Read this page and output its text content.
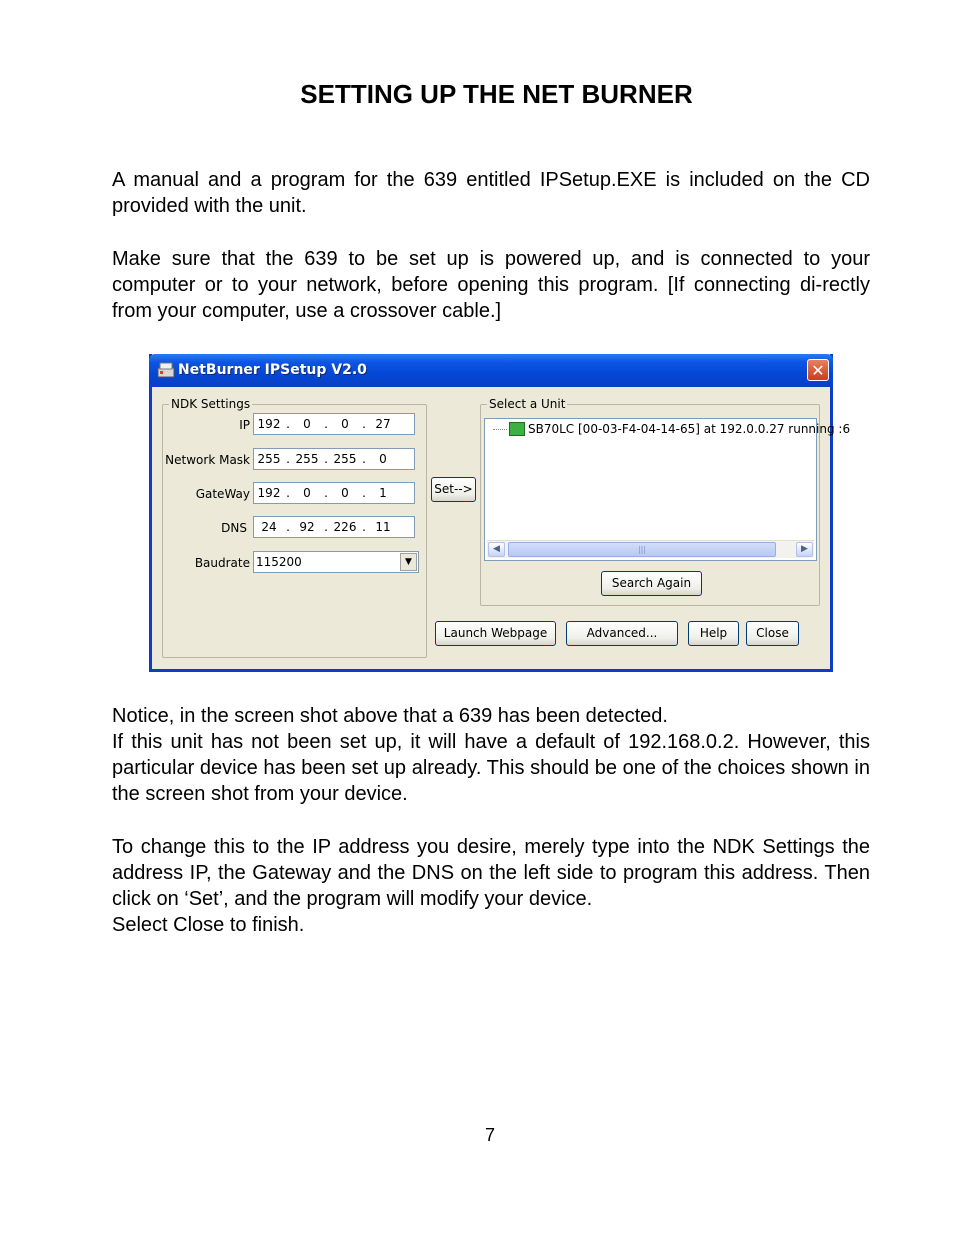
SETTING UP THE NET BURNER

A manual and a program for the 639 entitled IPSetup.EXE is included on the CD provided with the unit.

Make sure that the 639 to be set up is powered up, and is connected to your computer or to your network, before opening this program. [If connecting di-rectly from your computer, use a crossover cable.]

NetBurner IPSetup V2.0	✕
NDK Settings
IP 192 .	0	.	0	. 27
Network Mask 255 . 255 . 255 .	0
GateWay 192 .	0	.	0	.	1
DNS	24 . 92 . 226 . 11
Baudrate 115200	▼
Set-->
Select a Unit
SB70LC [00-03-F4-04-14-65] at 192.0.0.27 running :6
◀	|||	▶
Search Again
Launch Webpage	Advanced...	Help	Close

Notice, in the screen shot above that a 639 has been detected.

If this unit has not been set up, it will have a default of 192.168.0.2. However, this particular device has been set up already. This should be one of the choices shown in the screen shot from your device.

To change this to the IP address you desire, merely type into the NDK Settings the address IP, the Gateway and the DNS on the left side to program this address. Then click on ‘Set’, and the program will modify your device.

Select Close to finish.

7
